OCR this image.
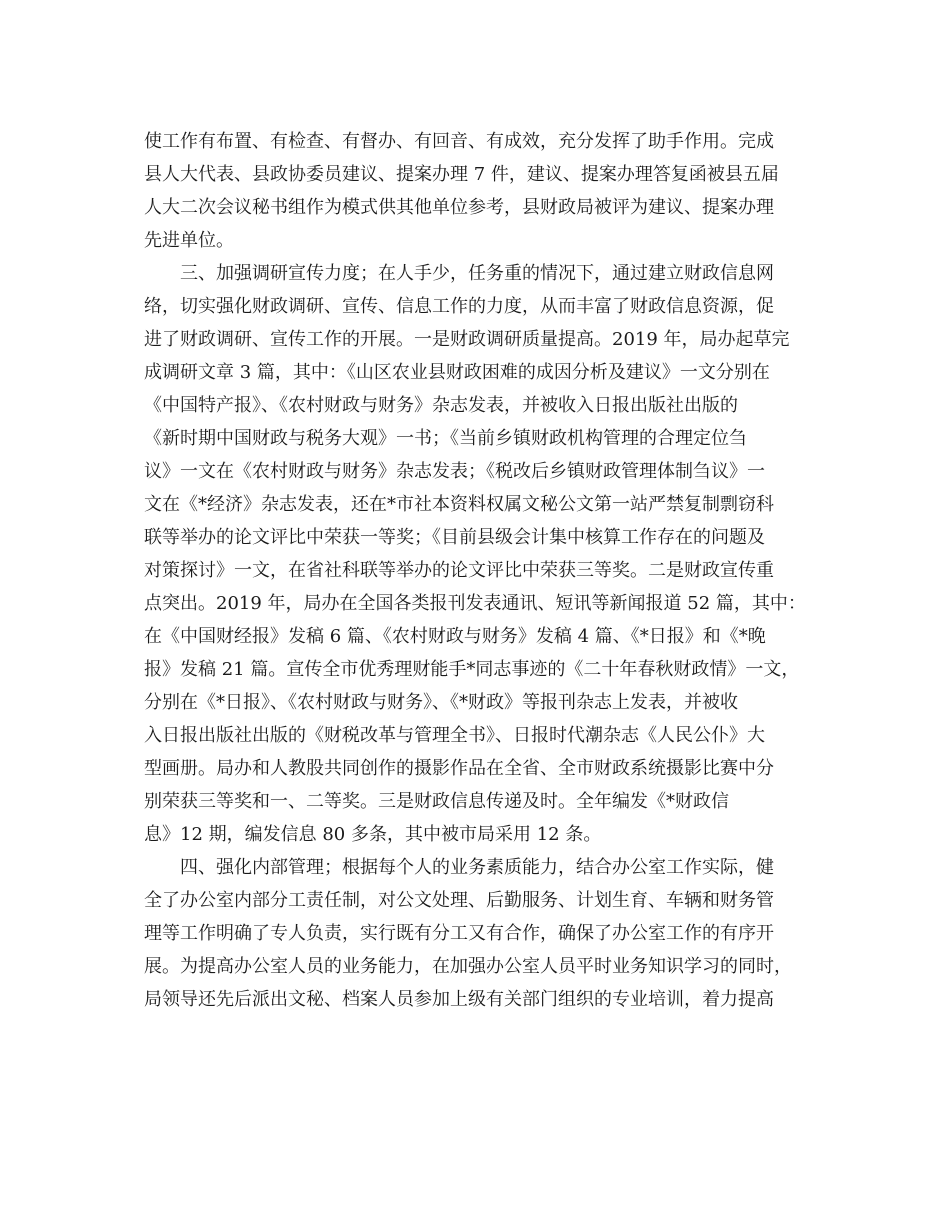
使工作有布置、有检查、有督办、有回音、有成效，充分发挥了助手作用。完成

县人大代表、县政协委员建议、提案办理 7 件，建议、提案办理答复函被县五届

人大二次会议秘书组作为模式供其他单位参考，县财政局被评为建议、提案办理

先进单位。

三、加强调研宣传力度；在人手少，任务重的情况下，通过建立财政信息网

络，切实强化财政调研、宣传、信息工作的力度，从而丰富了财政信息资源，促

进了财政调研、宣传工作的开展。一是财政调研质量提高。2019 年，局办起草完

成调研文章 3 篇，其中：《山区农业县财政困难的成因分析及建议》一文分别在

《中国特产报》、《农村财政与财务》杂志发表，并被收入日报出版社出版的

《新时期中国财政与税务大观》一书；《当前乡镇财政机构管理的合理定位刍

议》一文在《农村财政与财务》杂志发表；《税改后乡镇财政管理体制刍议》一

文在《*经济》杂志发表，还在*市社本资料权属文秘公文第一站严禁复制剽窃科

联等举办的论文评比中荣获一等奖；《目前县级会计集中核算工作存在的问题及

对策探讨》一文，在省社科联等举办的论文评比中荣获三等奖。二是财政宣传重

点突出。2019 年，局办在全国各类报刊发表通讯、短讯等新闻报道 52 篇，其中：

在《中国财经报》发稿 6 篇、《农村财政与财务》发稿 4 篇、《*日报》和《*晚

报》发稿 21 篇。宣传全市优秀理财能手*同志事迹的《二十年春秋财政情》一文，

分别在《*日报》、《农村财政与财务》、《*财政》等报刊杂志上发表，并被收

入日报出版社出版的《财税改革与管理全书》、日报时代潮杂志《人民公仆》大

型画册。局办和人教股共同创作的摄影作品在全省、全市财政系统摄影比赛中分

别荣获三等奖和一、二等奖。三是财政信息传递及时。全年编发《*财政信

息》12 期，编发信息 80 多条，其中被市局采用 12 条。

四、强化内部管理；根据每个人的业务素质能力，结合办公室工作实际，健

全了办公室内部分工责任制，对公文处理、后勤服务、计划生育、车辆和财务管

理等工作明确了专人负责，实行既有分工又有合作，确保了办公室工作的有序开

展。为提高办公室人员的业务能力，在加强办公室人员平时业务知识学习的同时，

局领导还先后派出文秘、档案人员参加上级有关部门组织的专业培训，着力提高
